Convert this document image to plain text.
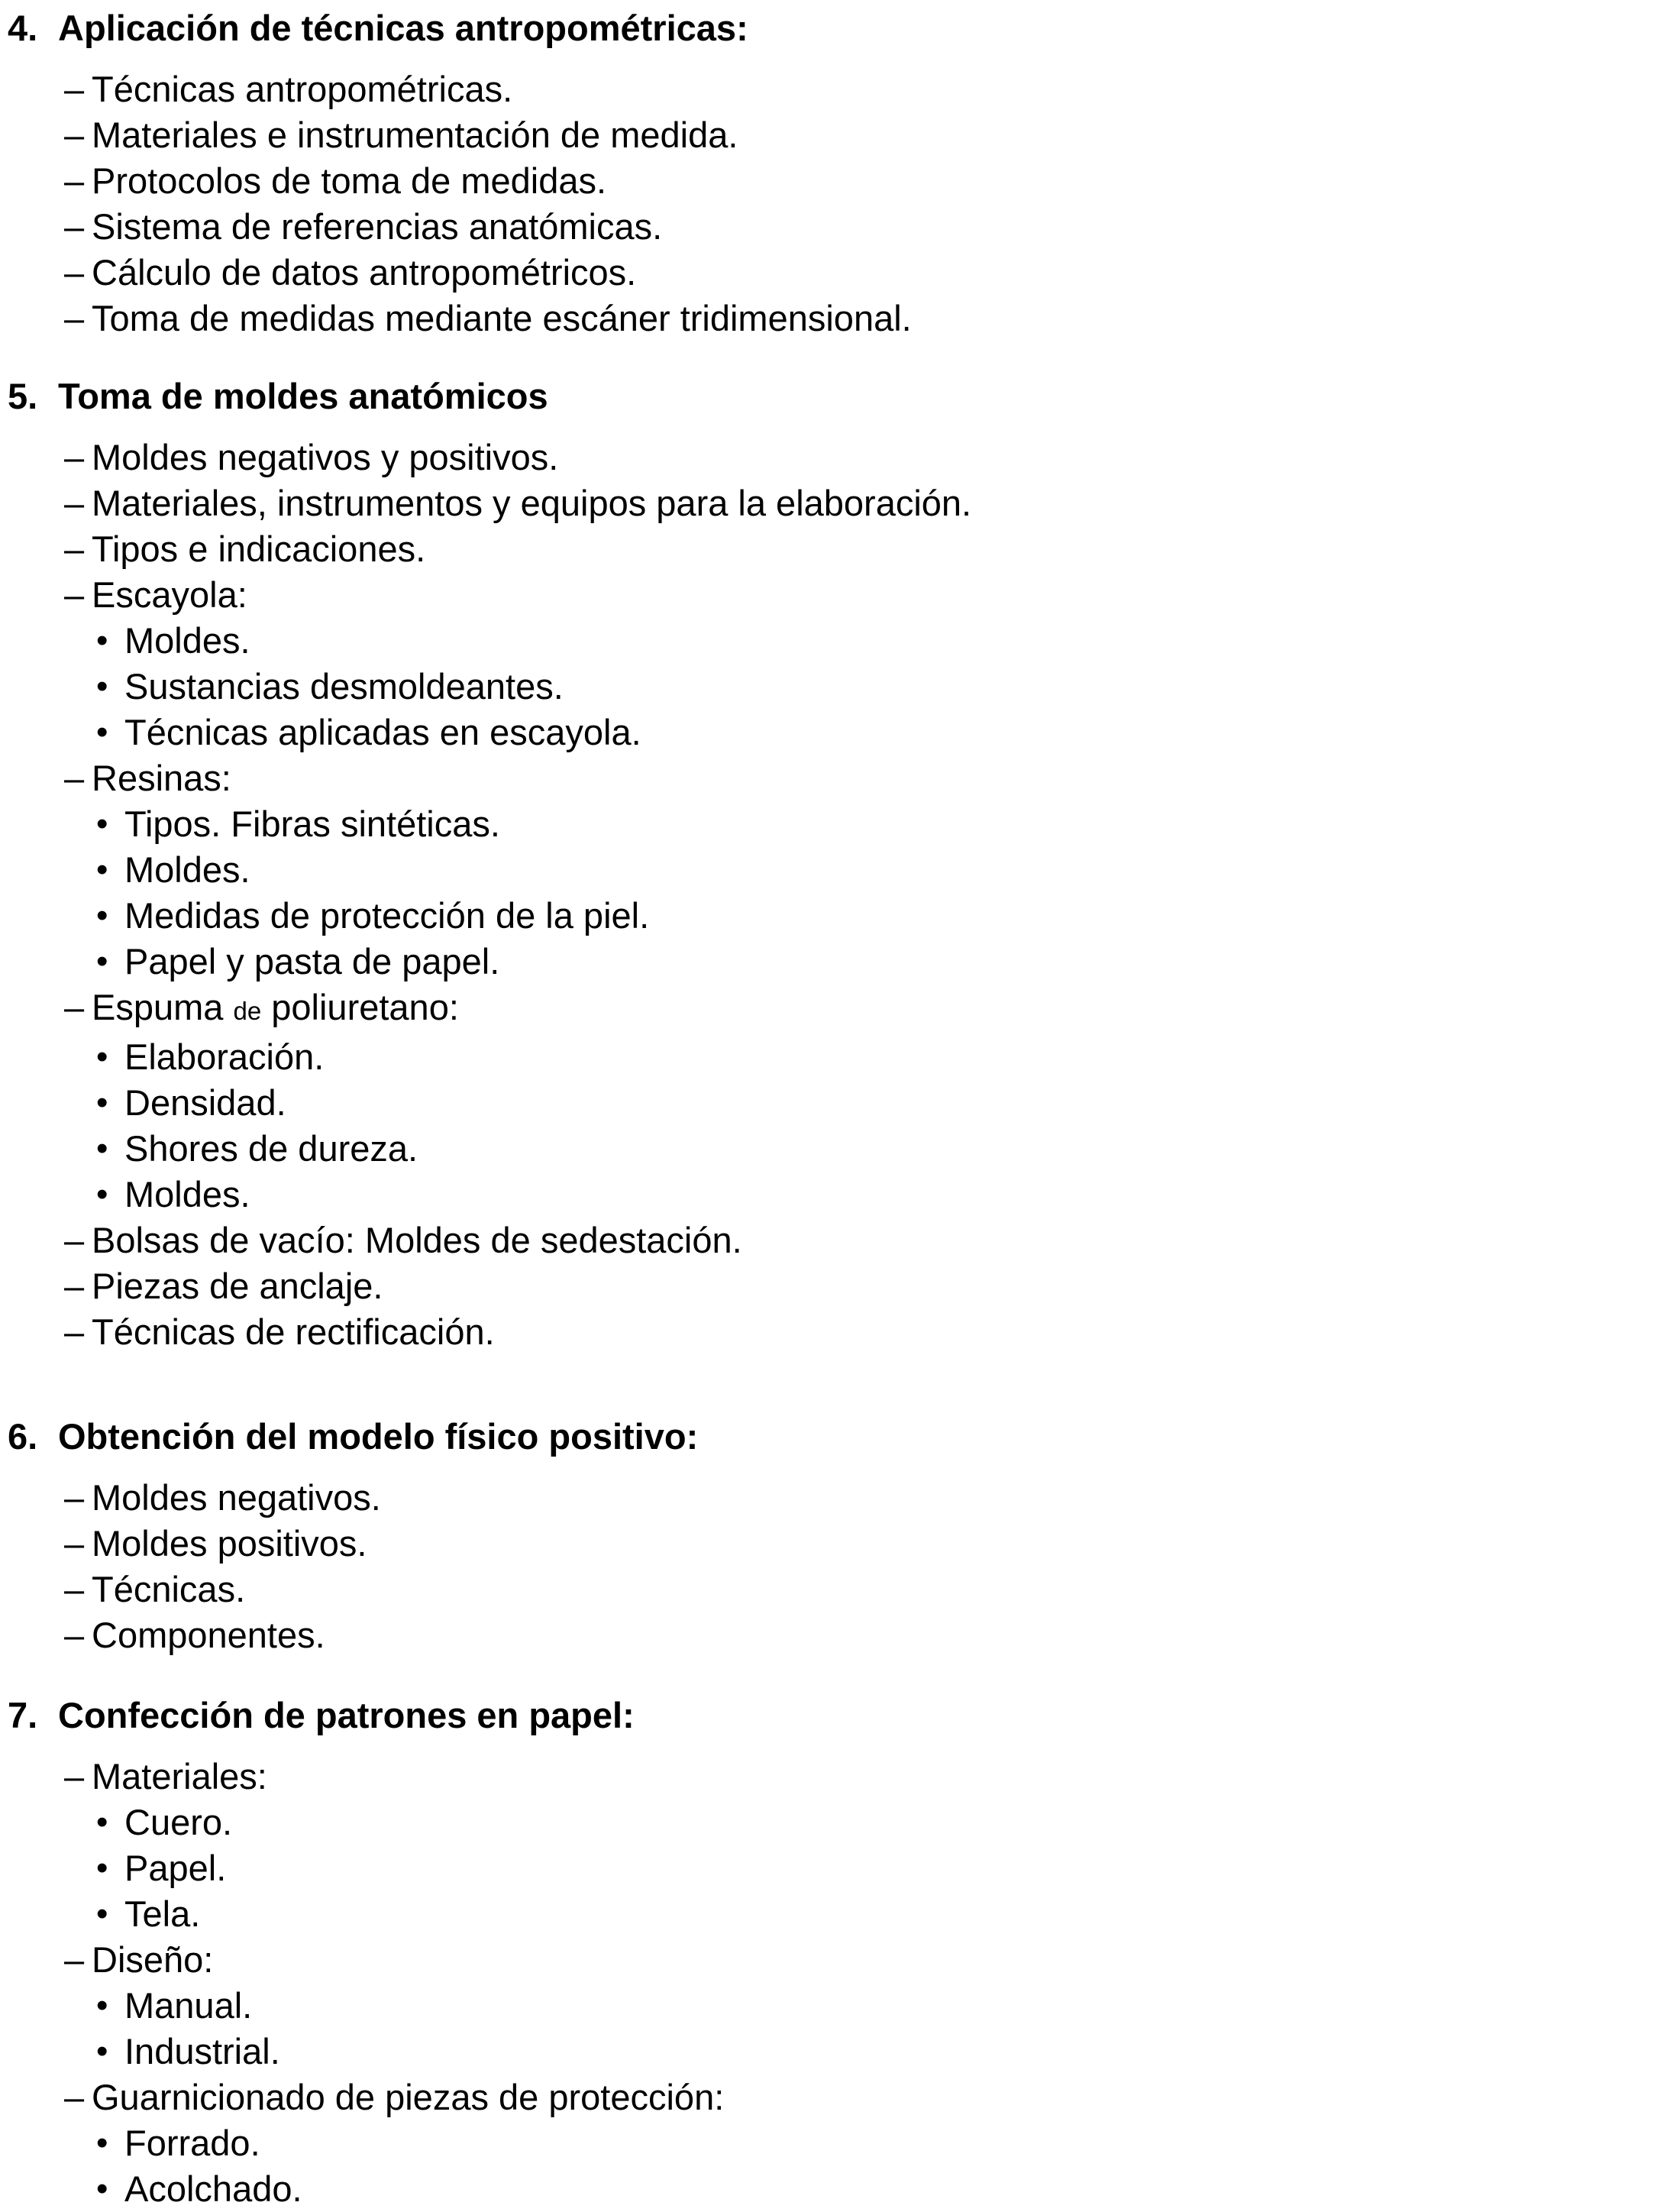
4. Aplicación de técnicas antropométricas:
– Técnicas antropométricas.
– Materiales e instrumentación de medida.
– Protocolos de toma de medidas.
– Sistema de referencias anatómicas.
– Cálculo de datos antropométricos.
– Toma de medidas mediante escáner tridimensional.
5. Toma de moldes anatómicos
– Moldes negativos y positivos.
– Materiales, instrumentos y equipos para la elaboración.
– Tipos e indicaciones.
– Escayola:
• Moldes.
• Sustancias desmoldeantes.
• Técnicas aplicadas en escayola.
– Resinas:
• Tipos. Fibras sintéticas.
• Moldes.
• Medidas de protección de la piel.
• Papel y pasta de papel.
– Espuma de poliuretano:
• Elaboración.
• Densidad.
• Shores de dureza.
• Moldes.
– Bolsas de vacío: Moldes de sedestación.
– Piezas de anclaje.
– Técnicas de rectificación.
6. Obtención del modelo físico positivo:
– Moldes negativos.
– Moldes positivos.
– Técnicas.
– Componentes.
7. Confección de patrones en papel:
– Materiales:
• Cuero.
• Papel.
• Tela.
– Diseño:
• Manual.
• Industrial.
– Guarnicionado de piezas de protección:
• Forrado.
• Acolchado.
